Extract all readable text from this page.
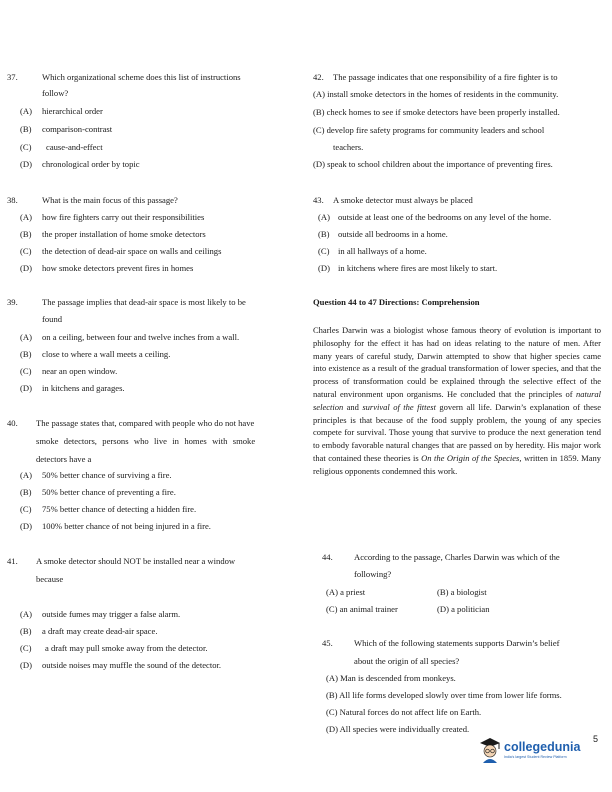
37.	Which organizational scheme does this list of instructions
follow?
(A) hierarchical order
(B) comparison-contrast
(C) cause-and-effect
(D) chronological order by topic
38.	What is the main focus of this passage?
(A) how fire fighters carry out their responsibilities
(B) the proper installation of home smoke detectors
(C) the detection of dead-air space on walls and ceilings
(D) how smoke detectors prevent fires in homes
39.	The passage implies that dead-air space is most likely to be
found
(A) on a ceiling, between four and twelve inches from a wall.
(B) close to where a wall meets a ceiling.
(C) near an open window.
(D) in kitchens and garages.
40. The passage states that, compared with people who do not have
smoke detectors, persons who live in homes with smoke
detectors have a
(A) 50% better chance of surviving a fire.
(B) 50% better chance of preventing a fire.
(C) 75% better chance of detecting a hidden fire.
(D) 100% better chance of not being injured in a fire.
41. A smoke detector should NOT be installed near a window
because
(A) outside fumes may trigger a false alarm.
(B) a draft may create dead-air space.
(C) a draft may pull smoke away from the detector.
(D) outside noises may muffle the sound of the detector.
42. The passage indicates that one responsibility of a fire fighter is to
(A) install smoke detectors in the homes of residents in the community.
(B) check homes to see if smoke detectors have been properly installed.
(C) develop fire safety programs for community leaders and school
teachers.
(D) speak to school children about the importance of preventing fires.
43. A smoke detector must always be placed
(A) outside at least one of the bedrooms on any level of the home.
(B) outside all bedrooms in a home.
(C) in all hallways of a home.
(D) in kitchens where fires are most likely to start.
Question 44 to 47 Directions: Comprehension
Charles Darwin was a biologist whose famous theory of evolution is important to philosophy for the effect it has had on ideas relating to the nature of men. After many years of careful study, Darwin attempted to show that higher species came into existence as a result of the gradual transformation of lower species, and that the process of transformation could be explained through the selective effect of the natural environment upon organisms. He concluded that the principles of natural selection and survival of the fittest govern all life. Darwin’s explanation of these principles is that because of the food supply problem, the young of any species compete for survival. Those young that survive to produce the next generation tend to embody favorable natural changes that are passed on by heredity. His major work that contained these theories is On the Origin of the Species, written in 1859. Many religious opponents condemned this work.
44. According to the passage, Charles Darwin was which of the
following?
(A) a priest	(B) a biologist
(C) an animal trainer	(D) a politician
45. Which of the following statements supports Darwin’s belief
about the origin of all species?
(A) Man is descended from monkeys.
(B) All life forms developed slowly over time from lower life forms.
(C) Natural forces do not affect life on Earth.
(D) All species were individually created.
5
collegedunia
India's largest Student Review Platform
